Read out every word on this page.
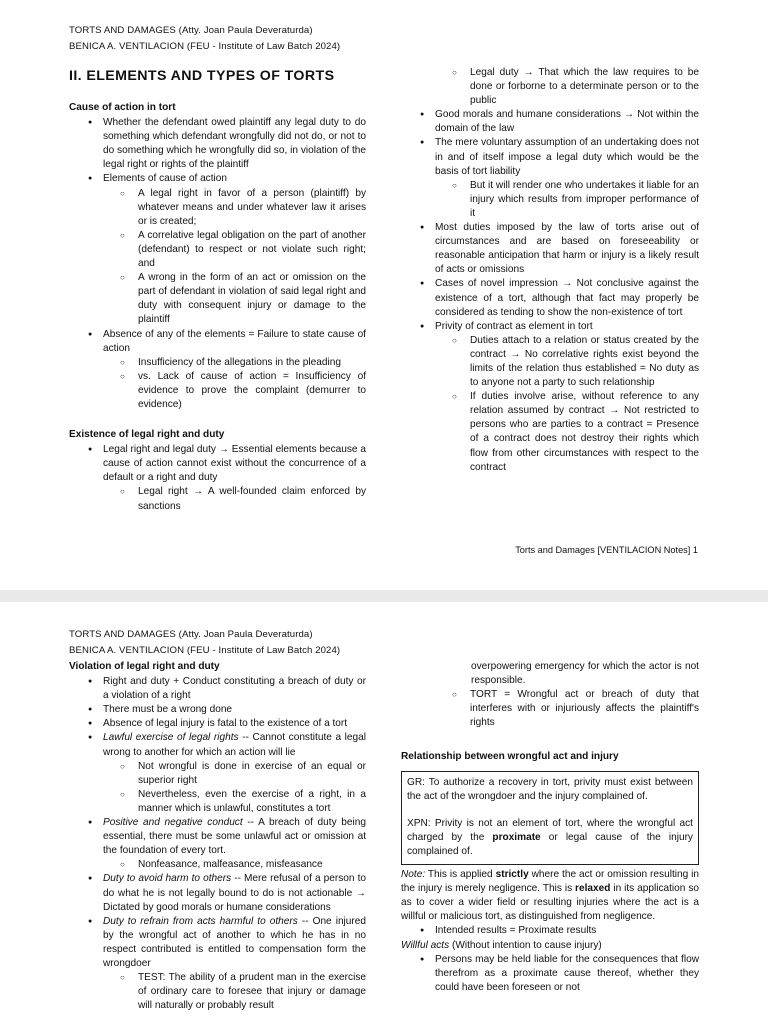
TORTS AND DAMAGES (Atty. Joan Paula Deveraturda)
BENICA A. VENTILACION (FEU - Institute of Law Batch 2024)
II. ELEMENTS AND TYPES OF TORTS
Cause of action in tort
● Whether the defendant owed plaintiff any legal duty to do something which defendant wrongfully did not do, or not to do something which he wrongfully did so, in violation of the legal right or rights of the plaintiff
● Elements of cause of action
○ A legal right in favor of a person (plaintiff) by whatever means and under whatever law it arises or is created;
○ A correlative legal obligation on the part of another (defendant) to respect or not violate such right; and
○ A wrong in the form of an act or omission on the part of defendant in violation of said legal right and duty with consequent injury or damage to the plaintiff
● Absence of any of the elements = Failure to state cause of action
○ Insufficiency of the allegations in the pleading
○ vs. Lack of cause of action = Insufficiency of evidence to prove the complaint (demurrer to evidence)
Existence of legal right and duty
● Legal right and legal duty → Essential elements because a cause of action cannot exist without the concurrence of a default or a right and duty
○ Legal right → A well-founded claim enforced by sanctions
○ Legal duty → That which the law requires to be done or forborne to a determinate person or to the public
● Good morals and humane considerations → Not within the domain of the law
● The mere voluntary assumption of an undertaking does not in and of itself impose a legal duty which would be the basis of tort liability
○ But it will render one who undertakes it liable for an injury which results from improper performance of it
● Most duties imposed by the law of torts arise out of circumstances and are based on foreseeability or reasonable anticipation that harm or injury is a likely result of acts or omissions
● Cases of novel impression → Not conclusive against the existence of a tort, although that fact may properly be considered as tending to show the non-existence of tort
● Privity of contract as element in tort
○ Duties attach to a relation or status created by the contract → No correlative rights exist beyond the limits of the relation thus established = No duty as to anyone not a party to such relationship
○ If duties involve arise, without reference to any relation assumed by contract → Not restricted to persons who are parties to a contract = Presence of a contract does not destroy their rights which flow from other circumstances with respect to the contract
Torts and Damages [VENTILACION Notes] 1
TORTS AND DAMAGES (Atty. Joan Paula Deveraturda)
BENICA A. VENTILACION (FEU - Institute of Law Batch 2024)
Violation of legal right and duty
● Right and duty + Conduct constituting a breach of duty or a violation of a right
● There must be a wrong done
● Absence of legal injury is fatal to the existence of a tort
● Lawful exercise of legal rights -- Cannot constitute a legal wrong to another for which an action will lie
○ Not wrongful is done in exercise of an equal or superior right
○ Nevertheless, even the exercise of a right, in a manner which is unlawful, constitutes a tort
● Positive and negative conduct -- A breach of duty being essential, there must be some unlawful act or omission at the foundation of every tort.
○ Nonfeasance, malfeasance, misfeasance
● Duty to avoid harm to others -- Mere refusal of a person to do what he is not legally bound to do is not actionable → Dictated by good morals or humane considerations
● Duty to refrain from acts harmful to others -- One injured by the wrongful act of another to which he has in no respect contributed is entitled to compensation form the wrongdoer
○ TEST: The ability of a prudent man in the exercise of ordinary care to foresee that injury or damage will naturally or probably result
overpowering emergency for which the actor is not responsible.
○ TORT = Wrongful act or breach of duty that interferes with or injuriously affects the plaintiff's rights
Relationship between wrongful act and injury

GR: To authorize a recovery in tort, privity must exist between the act of the wrongdoer and the injury complained of.

XPN: Privity is not an element of tort, where the wrongful act charged by the proximate or legal cause of the injury complained of.

Note: This is applied strictly where the act or omission resulting in the injury is merely negligence. This is relaxed in its application so as to cover a wider field or resulting injuries where the act is a willful or malicious tort, as distinguished from negligence.

● Intended results = Proximate results

Willful acts (Without intention to cause injury)

● Persons may be held liable for the consequences that flow therefrom as a proximate cause thereof, whether they could have been foreseen or not
